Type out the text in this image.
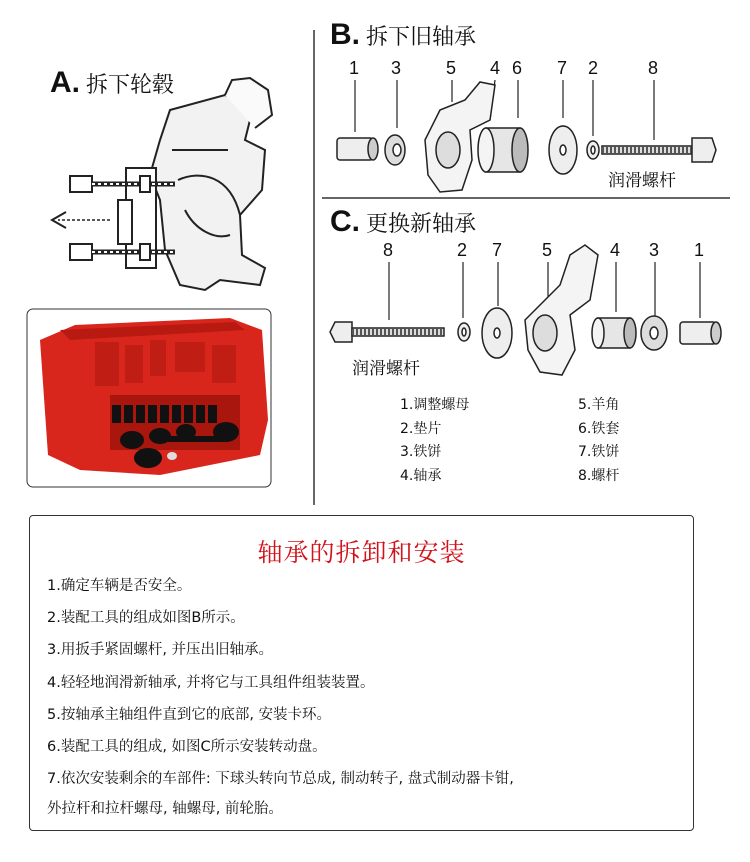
A. 拆下轮毂
B. 拆下旧轴承
1 3 5 4 6 7 2	8
润滑螺杆
C. 更换新轴承
8	2 7 5	4 3 1
润滑螺杆
1.调整螺母
2.垫片
3.铁饼
4.轴承
5.羊角
6.铁套
7.铁饼
8.螺杆
轴承的拆卸和安装
1.确定车辆是否安全。
2.装配工具的组成如图B所示。
3.用扳手紧固螺杆, 并压出旧轴承。
4.轻轻地润滑新轴承, 并将它与工具组件组装装置。
5.按轴承主轴组件直到它的底部, 安装卡环。
6.装配工具的组成, 如图C所示安装转动盘。
7.依次安装剩余的车部件: 下球头转向节总成, 制动转子, 盘式制动器卡钳,
外拉杆和拉杆螺母, 轴螺母, 前轮胎。
